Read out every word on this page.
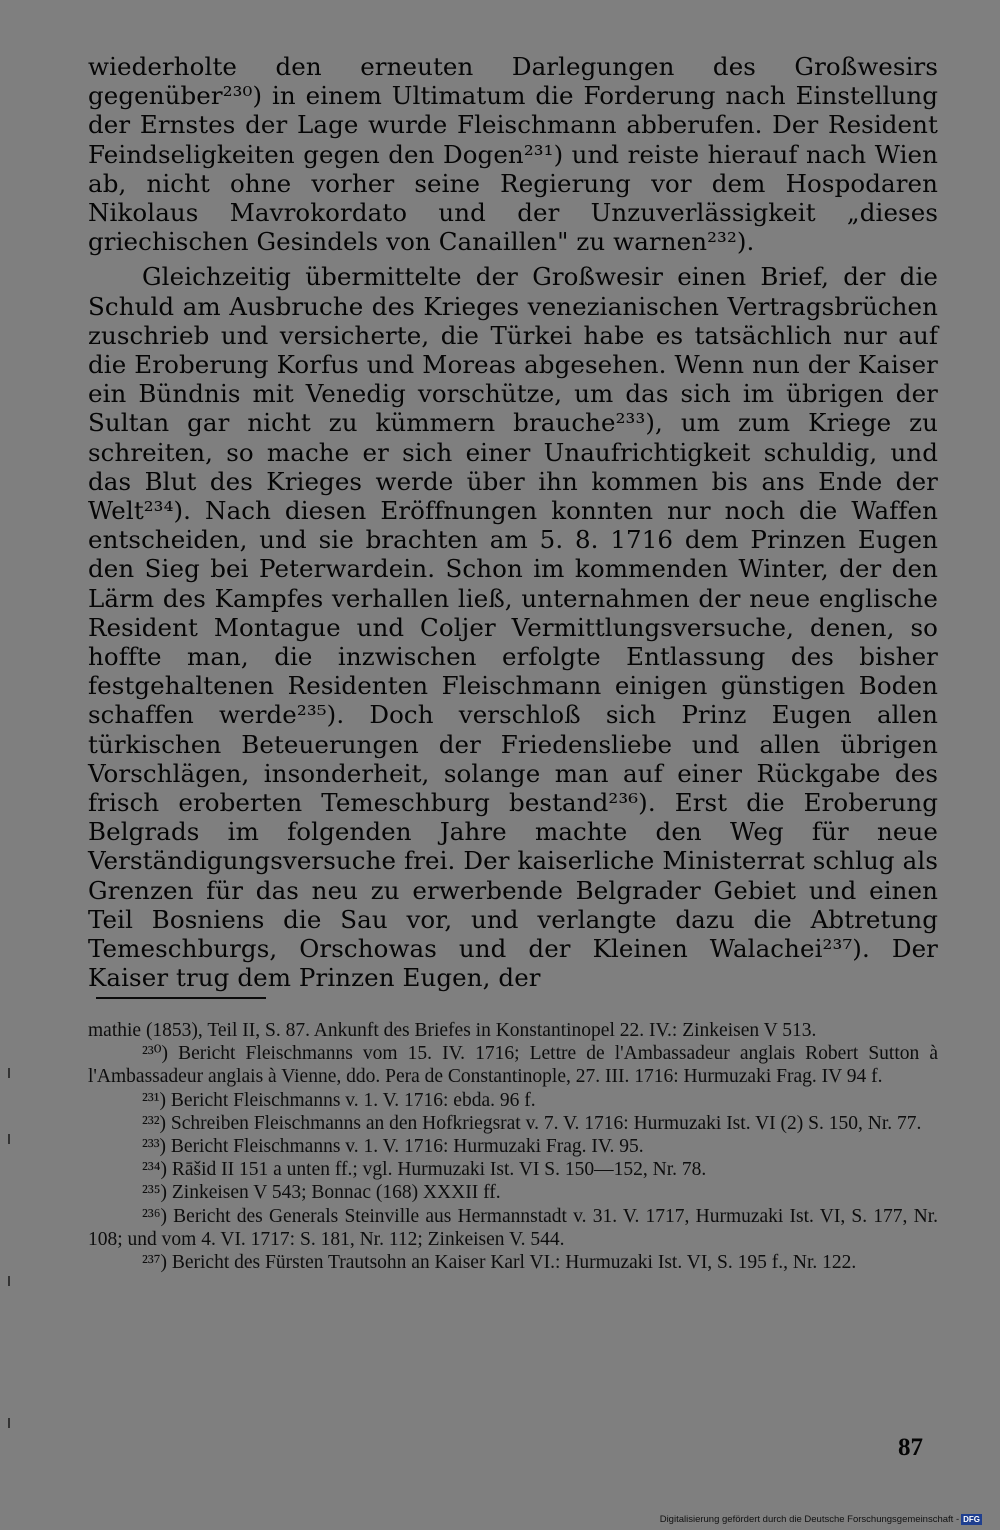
wiederholte den erneuten Darlegungen des Großwesirs gegenüber²³⁰) in einem Ultimatum die Forderung nach Einstellung der Ernstes der Lage wurde Fleischmann abberufen. Der Resident Feindseligkeiten gegen den Dogen²³¹) und reiste hierauf nach Wien ab, nicht ohne vorher seine Regierung vor dem Hospodaren Nikolaus Mavrokordato und der Unzuverlässigkeit „dieses griechischen Gesindels von Canaillen" zu warnen²³²).

Gleichzeitig übermittelte der Großwesir einen Brief, der die Schuld am Ausbruche des Krieges venezianischen Vertragsbrüchen zuschrieb und versicherte, die Türkei habe es tatsächlich nur auf die Eroberung Korfus und Moreas abgesehen. Wenn nun der Kaiser ein Bündnis mit Venedig vorschütze, um das sich im übrigen der Sultan gar nicht zu kümmern brauche²³³), um zum Kriege zu schreiten, so mache er sich einer Unaufrichtigkeit schuldig, und das Blut des Krieges werde über ihn kommen bis ans Ende der Welt²³⁴). Nach diesen Eröffnungen konnten nur noch die Waffen entscheiden, und sie brachten am 5. 8. 1716 dem Prinzen Eugen den Sieg bei Peterwardein. Schon im kommenden Winter, der den Lärm des Kampfes verhallen ließ, unternahmen der neue englische Resident Montague und Coljer Vermittlungsversuche, denen, so hoffte man, die inzwischen erfolgte Entlassung des bisher festgehaltenen Residenten Fleischmann einigen günstigen Boden schaffen werde²³⁵). Doch verschloß sich Prinz Eugen allen türkischen Beteuerungen der Friedensliebe und allen übrigen Vorschlägen, insonderheit, solange man auf einer Rückgabe des frisch eroberten Temeschburg bestand²³⁶). Erst die Eroberung Belgrads im folgenden Jahre machte den Weg für neue Verständigungsversuche frei. Der kaiserliche Ministerrat schlug als Grenzen für das neu zu erwerbende Belgrader Gebiet und einen Teil Bosniens die Sau vor, und verlangte dazu die Abtretung Temeschburgs, Orschowas und der Kleinen Walachei²³⁷). Der Kaiser trug dem Prinzen Eugen, der

mathie (1853), Teil II, S. 87. Ankunft des Briefes in Konstantinopel 22. IV.: Zinkeisen V 513.

²³⁰) Bericht Fleischmanns vom 15. IV. 1716; Lettre de l'Ambassadeur anglais Robert Sutton à l'Ambassadeur anglais à Vienne, ddo. Pera de Constantinople, 27. III. 1716: Hurmuzaki Frag. IV 94 f.

²³¹) Bericht Fleischmanns v. 1. V. 1716: ebda. 96 f.

²³²) Schreiben Fleischmanns an den Hofkriegsrat v. 7. V. 1716: Hurmuzaki Ist. VI (2) S. 150, Nr. 77.

²³³) Bericht Fleischmanns v. 1. V. 1716: Hurmuzaki Frag. IV. 95.

²³⁴) Rāšid II 151 a unten ff.; vgl. Hurmuzaki Ist. VI S. 150—152, Nr. 78.

²³⁵) Zinkeisen V 543; Bonnac (168) XXXII ff.

²³⁶) Bericht des Generals Steinville aus Hermannstadt v. 31. V. 1717, Hurmuzaki Ist. VI, S. 177, Nr. 108; und vom 4. VI. 1717: S. 181, Nr. 112; Zinkeisen V. 544.

²³⁷) Bericht des Fürsten Trautsohn an Kaiser Karl VI.: Hurmuzaki Ist. VI, S. 195 f., Nr. 122.

87
Digitalisierung gefördert durch die Deutsche Forschungsgemeinschaft - DFG
